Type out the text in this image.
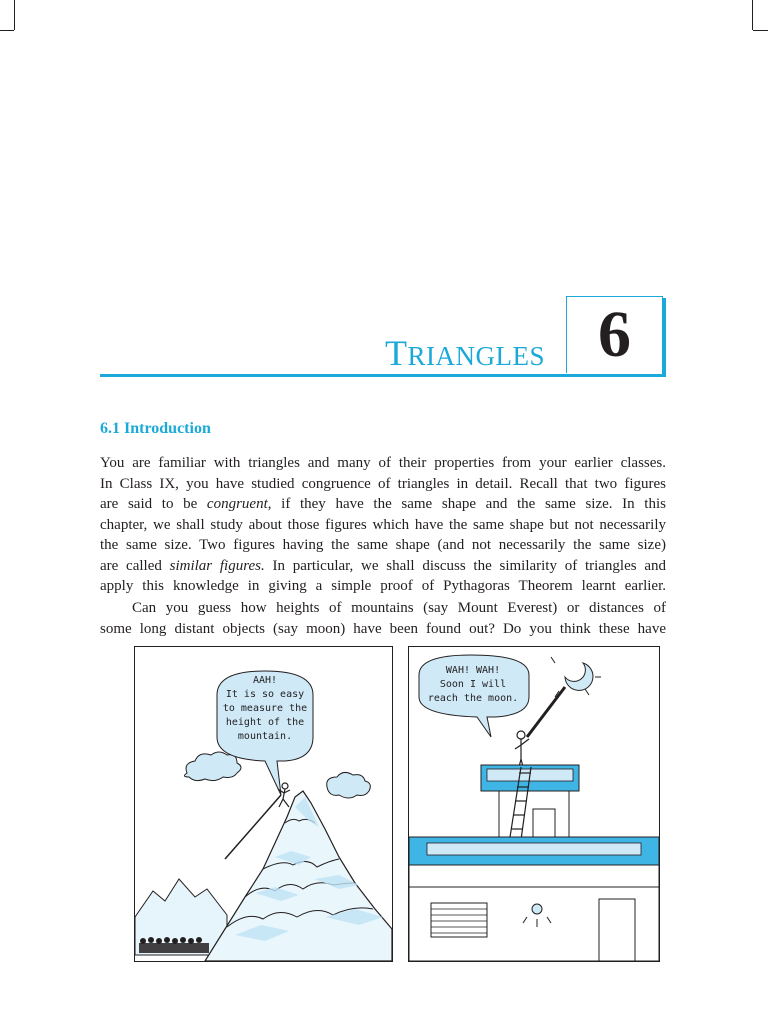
TRIANGLES 6
6.1 Introduction
You are familiar with triangles and many of their properties from your earlier classes.
In Class IX, you have studied congruence of triangles in detail. Recall that two figures
are said to be congruent, if they have the same shape and the same size. In this
chapter, we shall study about those figures which have the same shape but not necessarily
the same size. Two figures having the same shape (and not necessarily the same size)
are called similar figures. In particular, we shall discuss the similarity of triangles and
apply this knowledge in giving a simple proof of Pythagoras Theorem learnt earlier.
Can you guess how heights of mountains (say Mount Everest) or distances of
some long distant objects (say moon) have been found out? Do you think these have
AAH!
It is so easy
to measure the
height of the
mountain.
WAH! WAH!
Soon I will
reach the moon.
